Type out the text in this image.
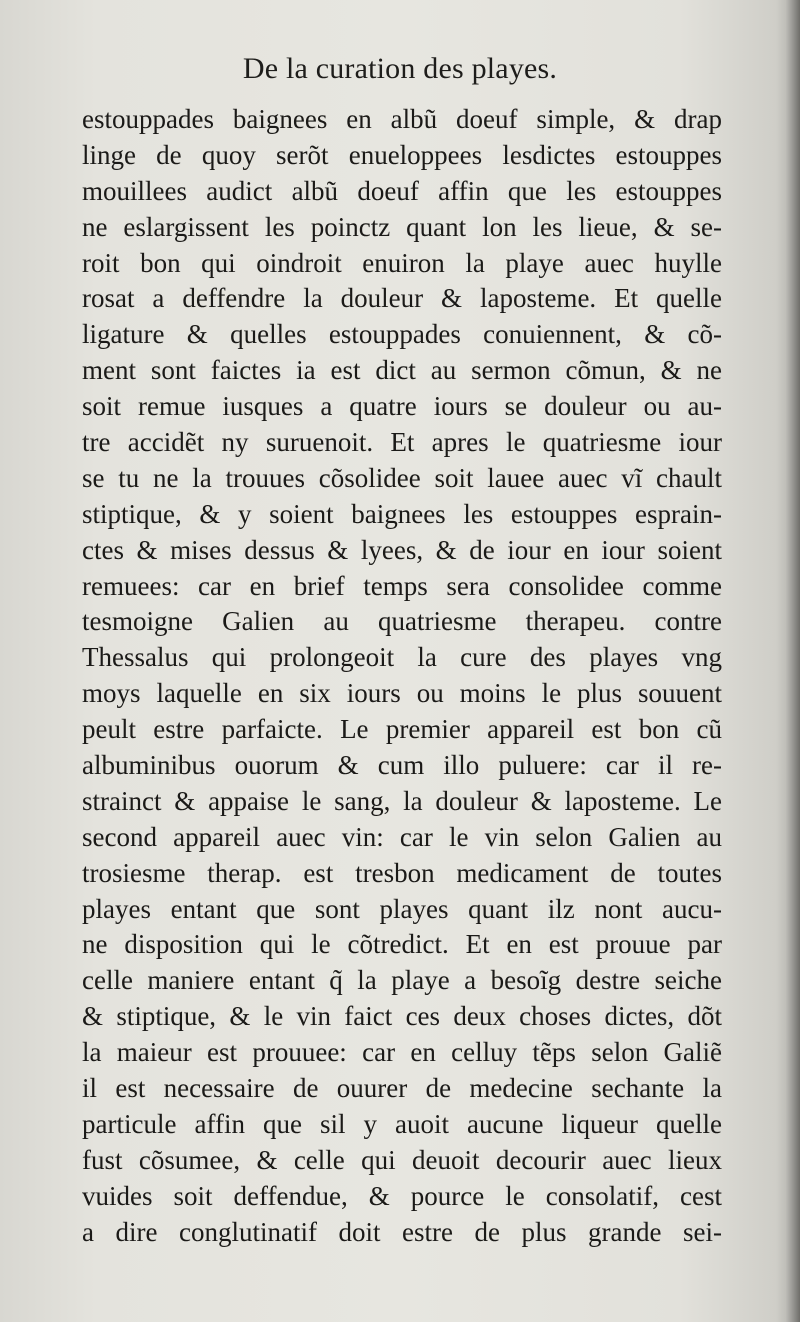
De la curation des playes.
estouppades baignees en albũ doeuf simple, & drap
linge de quoy serõt enueloppees lesdictes estouppes
mouillees audict albũ doeuf affin que les estouppes
ne eslargissent les poinctz quant lon les lieue, & se-
roit bon qui oindroit enuiron la playe auec huylle
rosat a deffendre la douleur & laposteme. Et quelle
ligature & quelles estouppades conuiennent, & cõ-
ment sont faictes ia est dict au sermon cõmun, & ne
soit remue iusques a quatre iours se douleur ou au-
tre accidẽt ny suruenoit. Et apres le quatriesme iour
se tu ne la trouues cõsolidee soit lauee auec vĩ chault
stiptique, & y soient baignees les estouppes esprain-
ctes & mises dessus & lyees, & de iour en iour soient
remuees: car en brief temps sera consolidee comme
tesmoigne Galien au quatriesme therapeu. contre
Thessalus qui prolongeoit la cure des playes vng
moys laquelle en six iours ou moins le plus souuent
peult estre parfaicte. Le premier appareil est bon cũ
albuminibus ouorum & cum illo puluere: car il re-
strainct & appaise le sang, la douleur & laposteme. Le
second appareil auec vin: car le vin selon Galien au
trosiesme therap. est tresbon medicament de toutes
playes entant que sont playes quant ilz nont aucu-
ne disposition qui le cõtredict. Et en est prouue par
celle maniere entant q̃ la playe a besoĩg destre seiche
& stiptique, & le vin faict ces deux choses dictes, dõt
la maieur est prouuee: car en celluy tẽps selon Galiẽ
il est necessaire de ouurer de medecine sechante la
particule affin que sil y auoit aucune liqueur quelle
fust cõsumee, & celle qui deuoit decourir auec lieux
vuides soit deffendue, & pource le consolatif, cest
a dire conglutinatif doit estre de plus grande sei-
